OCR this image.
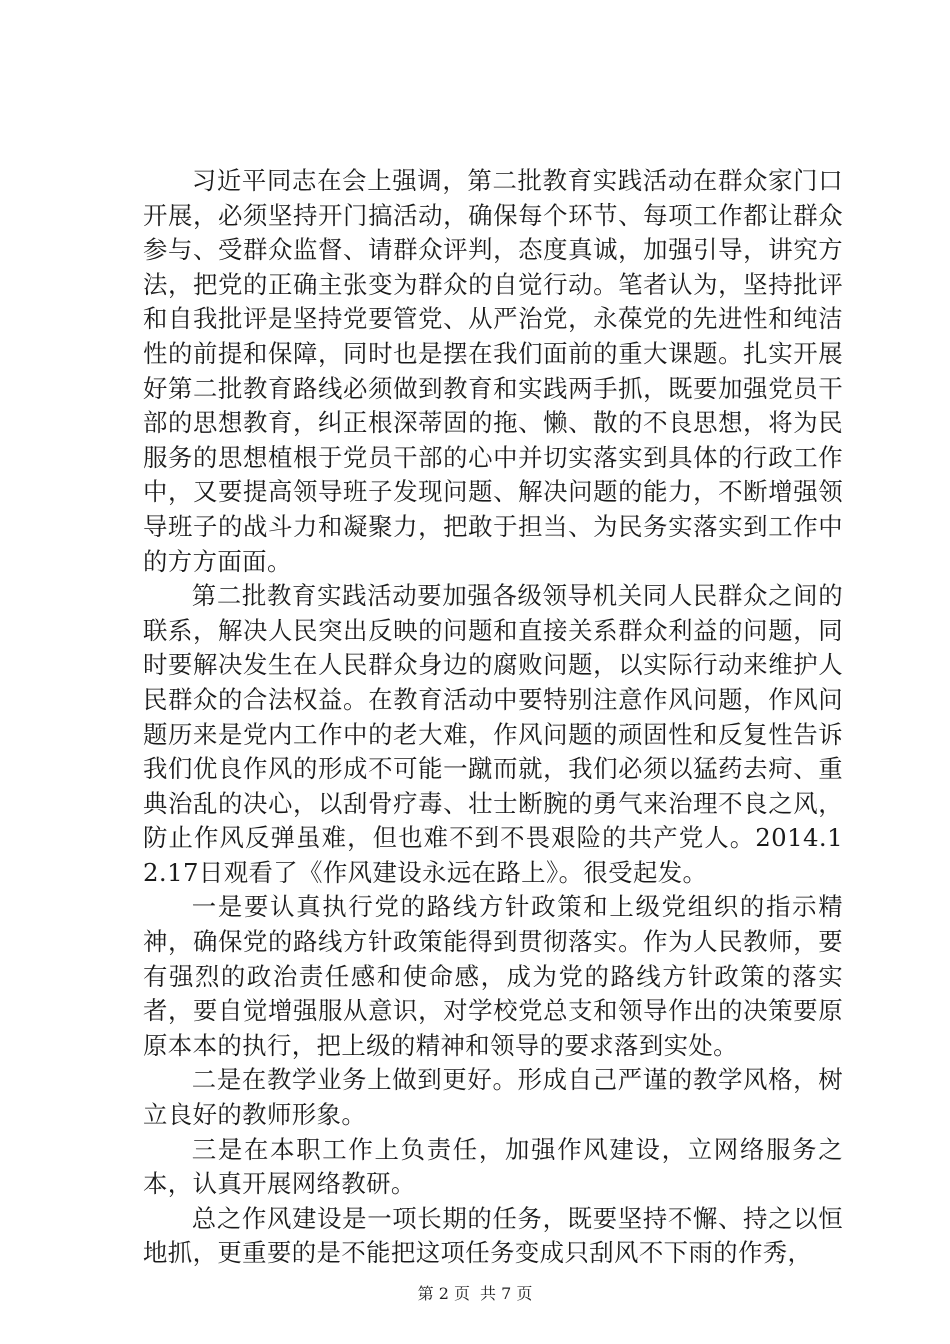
习近平同志在会上强调，第二批教育实践活动在群众家门口开展，必须坚持开门搞活动，确保每个环节、每项工作都让群众参与、受群众监督、请群众评判，态度真诚，加强引导，讲究方法，把党的正确主张变为群众的自觉行动。笔者认为，坚持批评和自我批评是坚持党要管党、从严治党，永葆党的先进性和纯洁性的前提和保障，同时也是摆在我们面前的重大课题。扎实开展好第二批教育路线必须做到教育和实践两手抓，既要加强党员干部的思想教育，纠正根深蒂固的拖、懒、散的不良思想，将为民服务的思想植根于党员干部的心中并切实落实到具体的行政工作中，又要提高领导班子发现问题、解决问题的能力，不断增强领导班子的战斗力和凝聚力，把敢于担当、为民务实落实到工作中的方方面面。

第二批教育实践活动要加强各级领导机关同人民群众之间的联系，解决人民突出反映的问题和直接关系群众利益的问题，同时要解决发生在人民群众身边的腐败问题，以实际行动来维护人民群众的合法权益。在教育活动中要特别注意作风问题，作风问题历来是党内工作中的老大难，作风问题的顽固性和反复性告诉我们优良作风的形成不可能一蹴而就，我们必须以猛药去疴、重典治乱的决心，以刮骨疗毒、壮士断腕的勇气来治理不良之风，防止作风反弹虽难，但也难不到不畏艰险的共产党人。2014.12.17日观看了《作风建设永远在路上》。很受起发。

一是要认真执行党的路线方针政策和上级党组织的指示精神，确保党的路线方针政策能得到贯彻落实。作为人民教师，要有强烈的政治责任感和使命感，成为党的路线方针政策的落实者，要自觉增强服从意识，对学校党总支和领导作出的决策要原原本本的执行，把上级的精神和领导的要求落到实处。

二是在教学业务上做到更好。形成自己严谨的教学风格，树立良好的教师形象。

三是在本职工作上负责任，加强作风建设，立网络服务之本，认真开展网络教研。

总之作风建设是一项长期的任务，既要坚持不懈、持之以恒地抓，更重要的是不能把这项任务变成只刮风不下雨的作秀，

第 2 页 共 7 页
